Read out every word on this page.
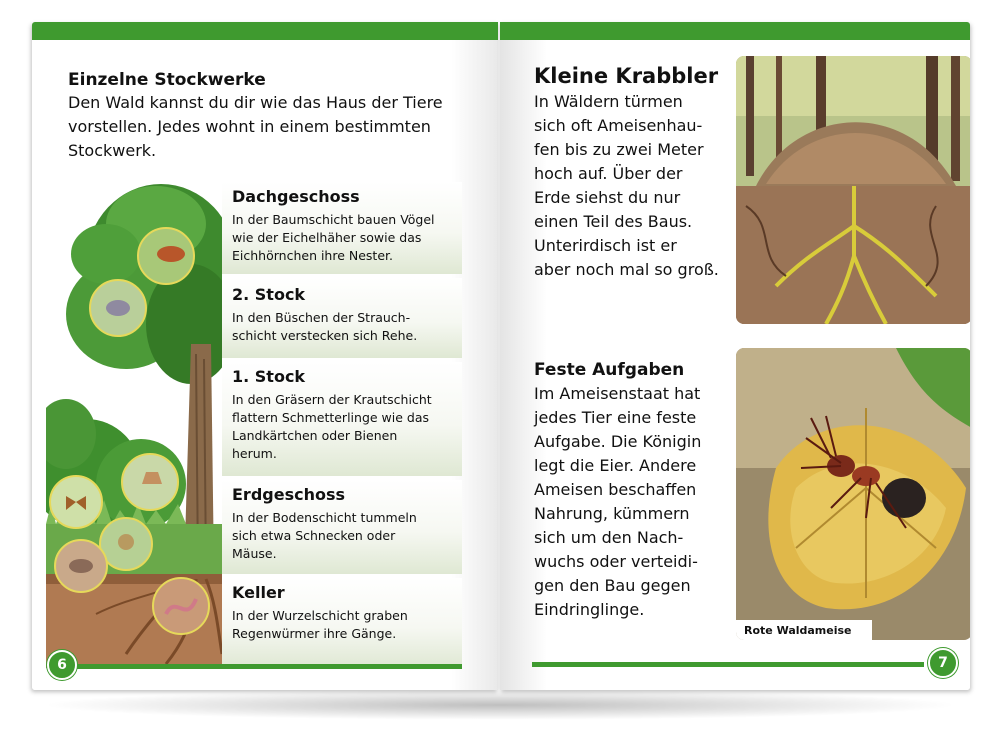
Einzelne Stockwerke
Den Wald kannst du dir wie das Haus der Tiere
vorstellen. Jedes wohnt in einem bestimmten
Stockwerk.
Dachgeschoss
In der Baumschicht bauen Vögel
wie der Eichelhäher sowie das
Eichhörnchen ihre Nester.
2. Stock
In den Büschen der Strauch-
schicht verstecken sich Rehe.
1. Stock
In den Gräsern der Krautschicht
flattern Schmetterlinge wie das
Landkärtchen oder Bienen
herum.
Erdgeschoss
In der Bodenschicht tummeln
sich etwa Schnecken oder
Mäuse.
Keller
In der Wurzelschicht graben
Regenwürmer ihre Gänge.
6
Kleine Krabbler
In Wäldern türmen
sich oft Ameisenhau-
fen bis zu zwei Meter
hoch auf. Über der
Erde siehst du nur
einen Teil des Baus.
Unterirdisch ist er
aber noch mal so groß.
Feste Aufgaben
Im Ameisenstaat hat
jedes Tier eine feste
Aufgabe. Die Königin
legt die Eier. Andere
Ameisen beschaffen
Nahrung, kümmern
sich um den Nach-
wuchs oder verteidi-
gen den Bau gegen
Eindringlinge.
Rote Waldameise
7
